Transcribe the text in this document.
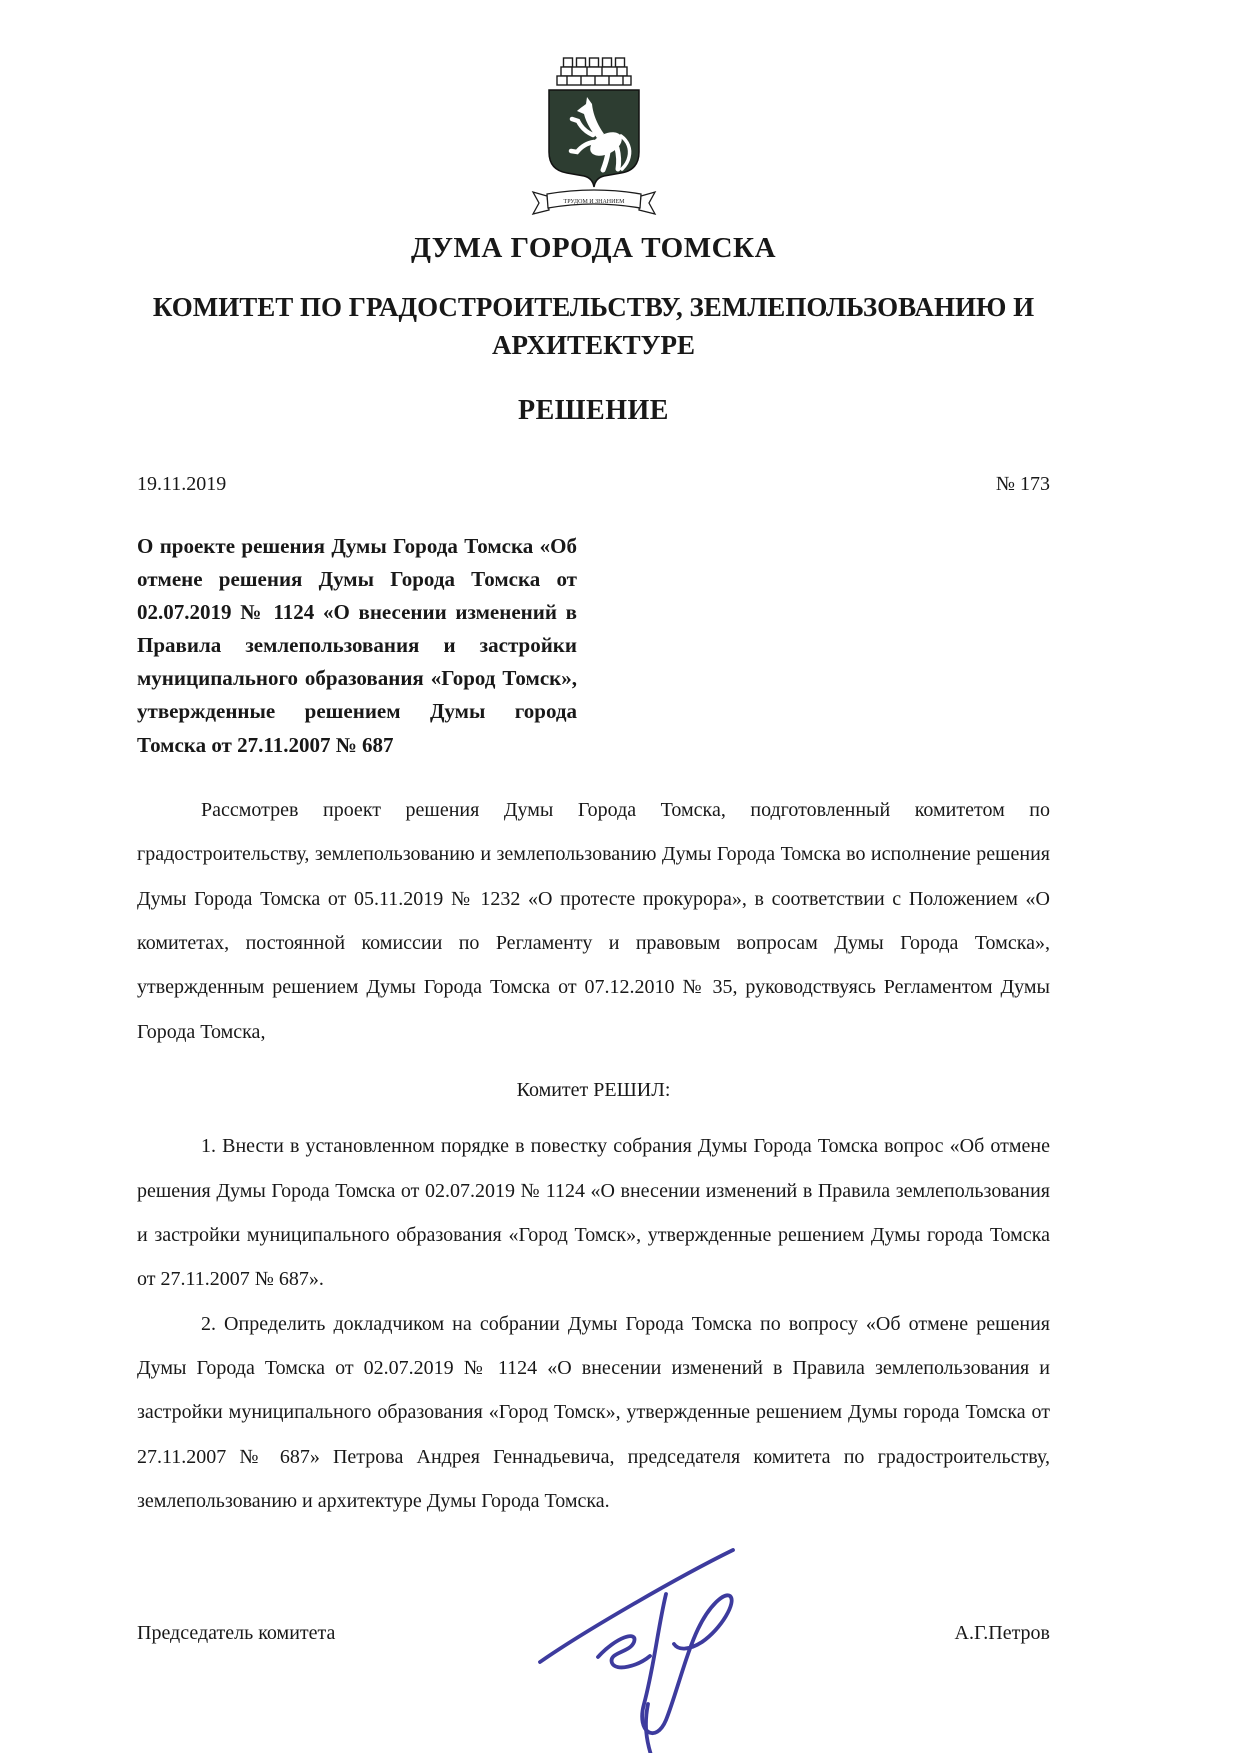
ТРУДОМ И ЗНАНИЕМ
ДУМА ГОРОДА ТОМСКА
КОМИТЕТ ПО ГРАДОСТРОИТЕЛЬСТВУ, ЗЕМЛЕПОЛЬЗОВАНИЮ И АРХИТЕКТУРЕ
РЕШЕНИЕ
19.11.2019	№ 173

О проекте решения Думы Города Томска «Об отмене решения Думы Города Томска от 02.07.2019 № 1124 «О внесении изменений в Правила землепользования и застройки муниципального образования «Город Томск», утвержденные решением Думы города Томска от 27.11.2007 № 687

Рассмотрев проект решения Думы Города Томска, подготовленный комитетом по градостроительству, землепользованию и землепользованию Думы Города Томска во исполнение решения Думы Города Томска от 05.11.2019 № 1232 «О протесте прокурора», в соответствии с Положением «О комитетах, постоянной комиссии по Регламенту и правовым вопросам Думы Города Томска», утвержденным решением Думы Города Томска от 07.12.2010 № 35, руководствуясь Регламентом Думы Города Томска,

Комитет РЕШИЛ:

1. Внести в установленном порядке в повестку собрания Думы Города Томска вопрос «Об отмене решения Думы Города Томска от 02.07.2019 № 1124 «О внесении изменений в Правила землепользования и застройки муниципального образования «Город Томск», утвержденные решением Думы города Томска от 27.11.2007 № 687».

2. Определить докладчиком на собрании Думы Города Томска по вопросу «Об отмене решения Думы Города Томска от 02.07.2019 № 1124 «О внесении изменений в Правила землепользования и застройки муниципального образования «Город Томск», утвержденные решением Думы города Томска от 27.11.2007 № 687» Петрова Андрея Геннадьевича, председателя комитета по градостроительству, землепользованию и архитектуре Думы Города Томска.

Председатель комитета	А.Г.Петров
